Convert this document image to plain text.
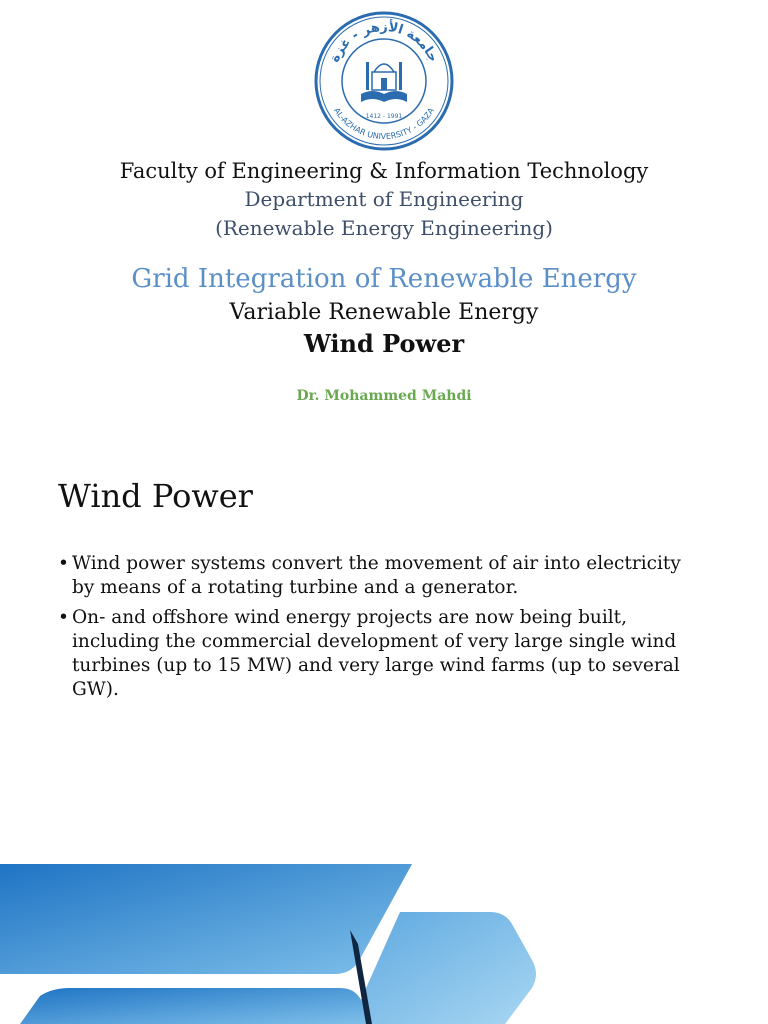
جامعة الأزهر - غزة
AL-AZHAR UNIVERSITY - GAZA
1412 - 1991
Faculty of Engineering & Information Technology
Department of Engineering
(Renewable Energy Engineering)
Grid Integration of Renewable Energy
Variable Renewable Energy
Wind Power
Dr. Mohammed Mahdi
Wind Power
• Wind power systems convert the movement of air into electricity by means of a rotating turbine and a generator.
• On- and offshore wind energy projects are now being built, including the commercial development of very large single wind turbines (up to 15 MW) and very large wind farms (up to several GW).
